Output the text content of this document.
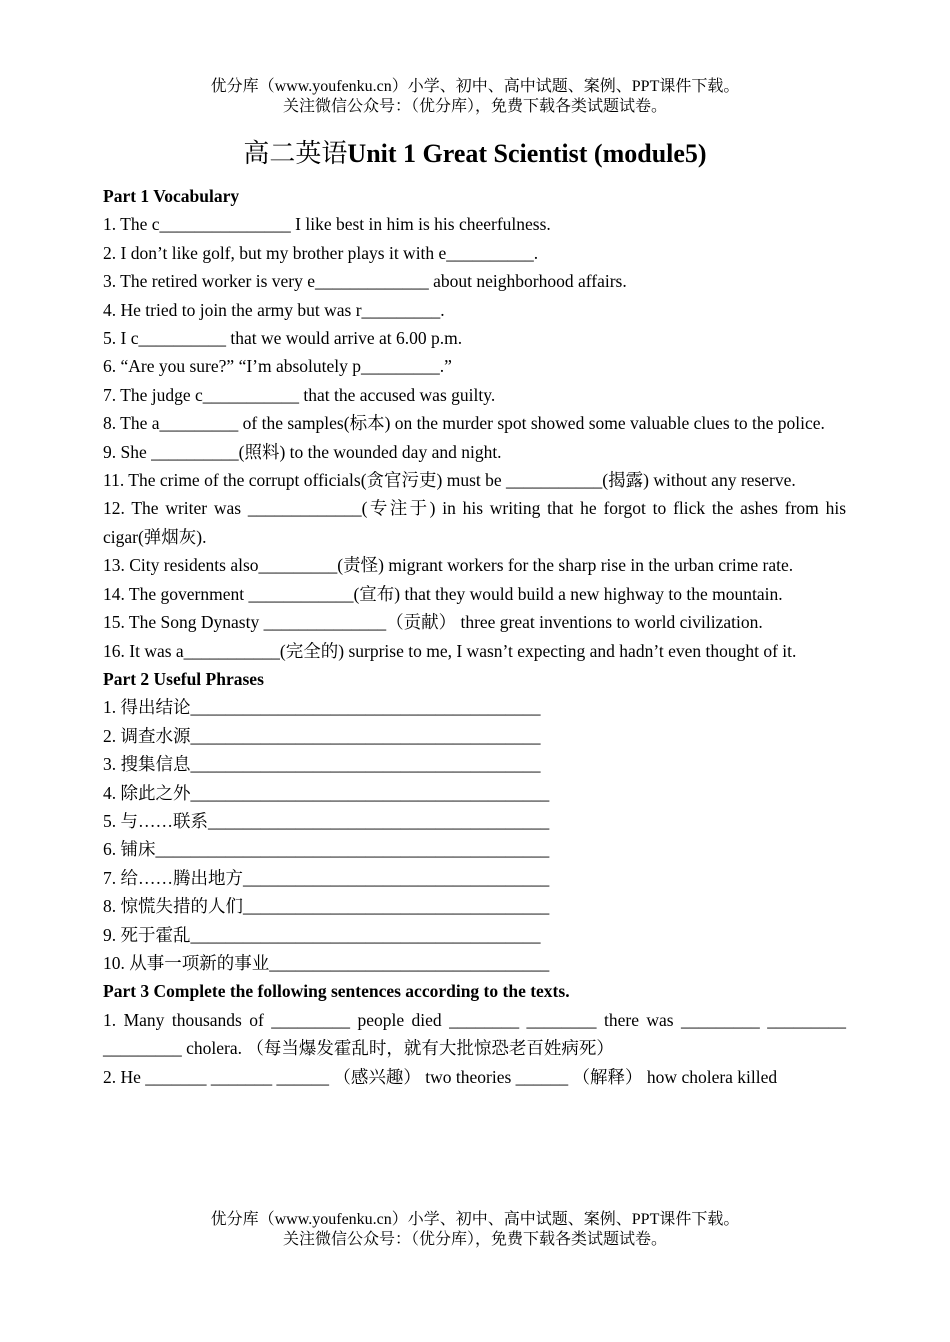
优分库（www.youfenku.cn）小学、初中、高中试题、案例、PPT课件下载。
关注微信公众号：（优分库），免费下载各类试题试卷。
高二英语Unit 1 Great Scientist (module5)

Part 1 Vocabulary

1. The c_______________ I like best in him is his cheerfulness.

2. I don’t like golf, but my brother plays it with e__________.

3. The retired worker is very e_____________ about neighborhood affairs.

4. He tried to join the army but was r_________.

5. I c__________ that we would arrive at 6.00 p.m.

6. “Are you sure?” “I’m absolutely p_________.”

7. The judge c___________ that the accused was guilty.

8. The a_________ of the samples(标本) on the murder spot showed some valuable clues to the police.

9. She __________(照料) to the wounded day and night.

11. The crime of the corrupt officials(贪官污吏) must be ___________(揭露) without any reserve.

12. The writer was _____________(专注于) in his writing that he forgot to flick the ashes from his cigar(弹烟灰).

13. City residents also_________(责怪) migrant workers for the sharp rise in the urban crime rate.

14. The government ____________(宣布) that they would build a new highway to the mountain.

15. The Song Dynasty ______________（贡献） three great inventions to world civilization.

16. It was a___________(完全的) surprise to me, I wasn’t expecting and hadn’t even thought of it.

Part 2 Useful Phrases

1. 得出结论________________________________________

2. 调查水源________________________________________

3. 搜集信息________________________________________

4. 除此之外_________________________________________

5. 与……联系_______________________________________

6. 铺床_____________________________________________

7. 给……腾出地方___________________________________

8. 惊慌失措的人们___________________________________

9. 死于霍乱________________________________________

10. 从事一项新的事业________________________________

Part 3 Complete the following sentences according to the texts.

1. Many thousands of _________ people died ________ ________ there was _________ _________ _________ cholera. （每当爆发霍乱时，就有大批惊恐老百姓病死）

2. He _______ _______ ______ （感兴趣） two theories ______ （解释） how cholera killed

优分库（www.youfenku.cn）小学、初中、高中试题、案例、PPT课件下载。
关注微信公众号：（优分库），免费下载各类试题试卷。
